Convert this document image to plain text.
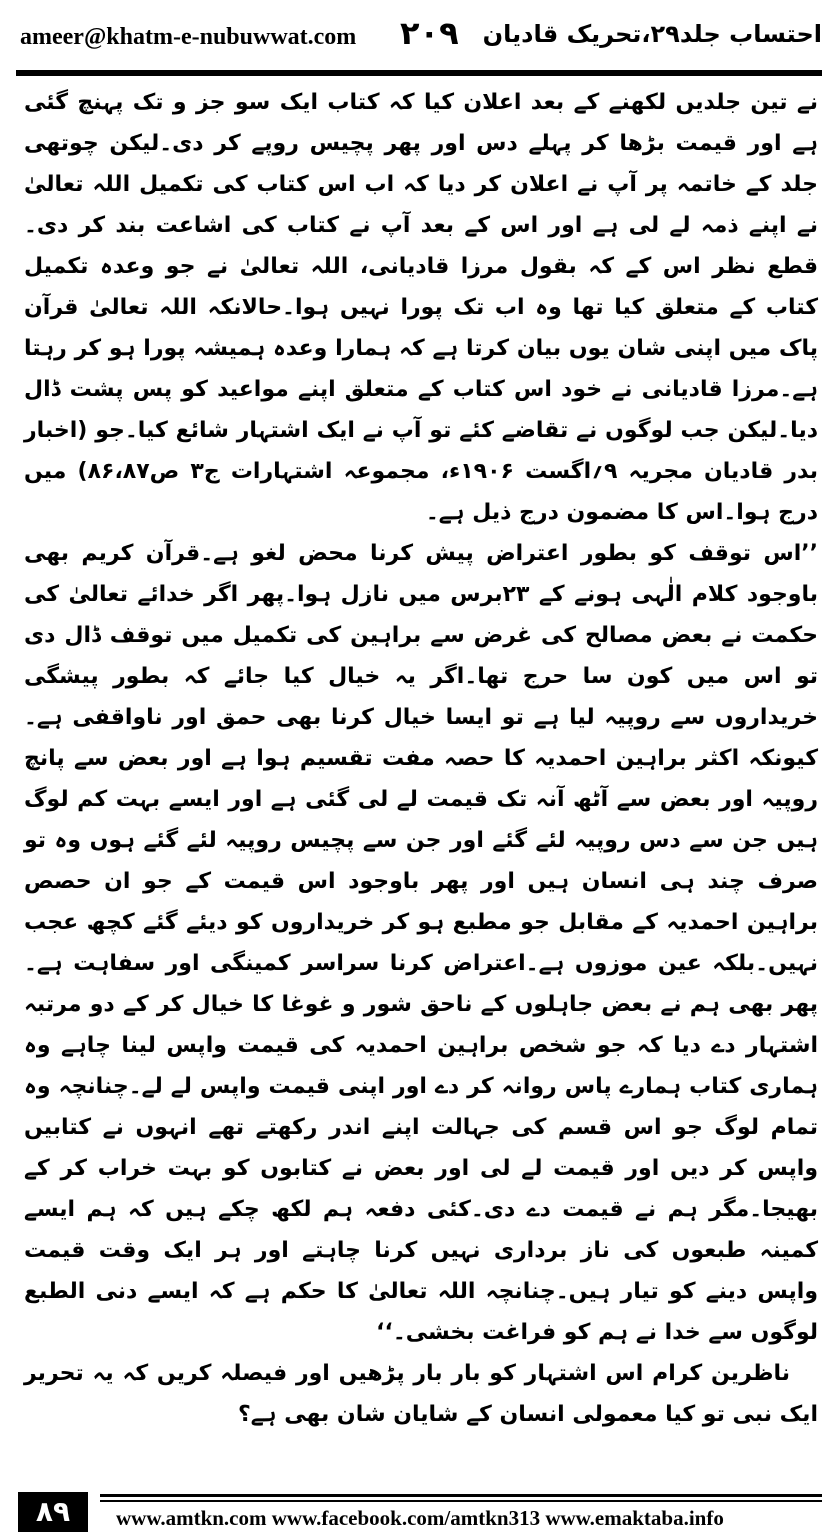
ameer@khatm-e-nubuwwat.com ۲۰۹ احتساب جلد۲۹،تحریک قادیان

نے تین جلدیں لکھنے کے بعد اعلان کیا کہ کتاب ایک سو جز و تک پہنچ گئی ہے اور قیمت بڑھا کر پہلے دس اور پھر پچیس روپے کر دی۔لیکن چوتھی جلد کے خاتمہ پر آپ نے اعلان کر دیا کہ اب اس کتاب کی تکمیل اللہ تعالیٰ نے اپنے ذمہ لے لی ہے اور اس کے بعد آپ نے کتاب کی اشاعت بند کر دی۔قطع نظر اس کے کہ بقول مرزا قادیانی، اللہ تعالیٰ نے جو وعدہ تکمیل کتاب کے متعلق کیا تھا وہ اب تک پورا نہیں ہوا۔حالانکہ اللہ تعالیٰ قرآن پاک میں اپنی شان یوں بیان کرتا ہے کہ ہمارا وعدہ ہمیشہ پورا ہو کر رہتا ہے۔مرزا قادیانی نے خود اس کتاب کے متعلق اپنے مواعید کو پس پشت ڈال دیا۔لیکن جب لوگوں نے تقاضے کئے تو آپ نے ایک اشتہار شائع کیا۔جو (اخبار بدر قادیان مجریہ ۹؍اگست ۱۹۰۶ء، مجموعہ اشتہارات ج۳ ص۸۶،۸۷) میں درج ہوا۔اس کا مضمون درج ذیل ہے۔

’’اس توقف کو بطور اعتراض پیش کرنا محض لغو ہے۔قرآن کریم بھی باوجود کلام الٰہی ہونے کے ۲۳برس میں نازل ہوا۔پھر اگر خدائے تعالیٰ کی حکمت نے بعض مصالح کی غرض سے براہین کی تکمیل میں توقف ڈال دی تو اس میں کون سا حرج تھا۔اگر یہ خیال کیا جائے کہ بطور پیشگی خریداروں سے روپیہ لیا ہے تو ایسا خیال کرنا بھی حمق اور ناواقفی ہے۔کیونکہ اکثر براہین احمدیہ کا حصہ مفت تقسیم ہوا ہے اور بعض سے پانچ روپیہ اور بعض سے آٹھ آنہ تک قیمت لے لی گئی ہے اور ایسے بہت کم لوگ ہیں جن سے دس روپیہ لئے گئے اور جن سے پچیس روپیہ لئے گئے ہوں وہ تو صرف چند ہی انسان ہیں اور پھر باوجود اس قیمت کے جو ان حصص براہین احمدیہ کے مقابل جو مطبع ہو کر خریداروں کو دیئے گئے کچھ عجب نہیں۔بلکہ عین موزوں ہے۔اعتراض کرنا سراسر کمینگی اور سفاہت ہے۔پھر بھی ہم نے بعض جاہلوں کے ناحق شور و غوغا کا خیال کر کے دو مرتبہ اشتہار دے دیا کہ جو شخص براہین احمدیہ کی قیمت واپس لینا چاہے وہ ہماری کتاب ہمارے پاس روانہ کر دے اور اپنی قیمت واپس لے لے۔چنانچہ وہ تمام لوگ جو اس قسم کی جہالت اپنے اندر رکھتے تھے انہوں نے کتابیں واپس کر دیں اور قیمت لے لی اور بعض نے کتابوں کو بہت خراب کر کے بھیجا۔مگر ہم نے قیمت دے دی۔کئی دفعہ ہم لکھ چکے ہیں کہ ہم ایسے کمینہ طبعوں کی ناز برداری نہیں کرنا چاہتے اور ہر ایک وقت قیمت واپس دینے کو تیار ہیں۔چنانچہ اللہ تعالیٰ کا حکم ہے کہ ایسے دنی الطبع لوگوں سے خدا نے ہم کو فراغت بخشی۔‘‘

ناظرین کرام اس اشتہار کو بار بار پڑھیں اور فیصلہ کریں کہ یہ تحریر ایک نبی تو کیا معمولی انسان کے شایان شان بھی ہے؟

۸۹	www.amtkn.com www.facebook.com/amtkn313 www.emaktaba.info
